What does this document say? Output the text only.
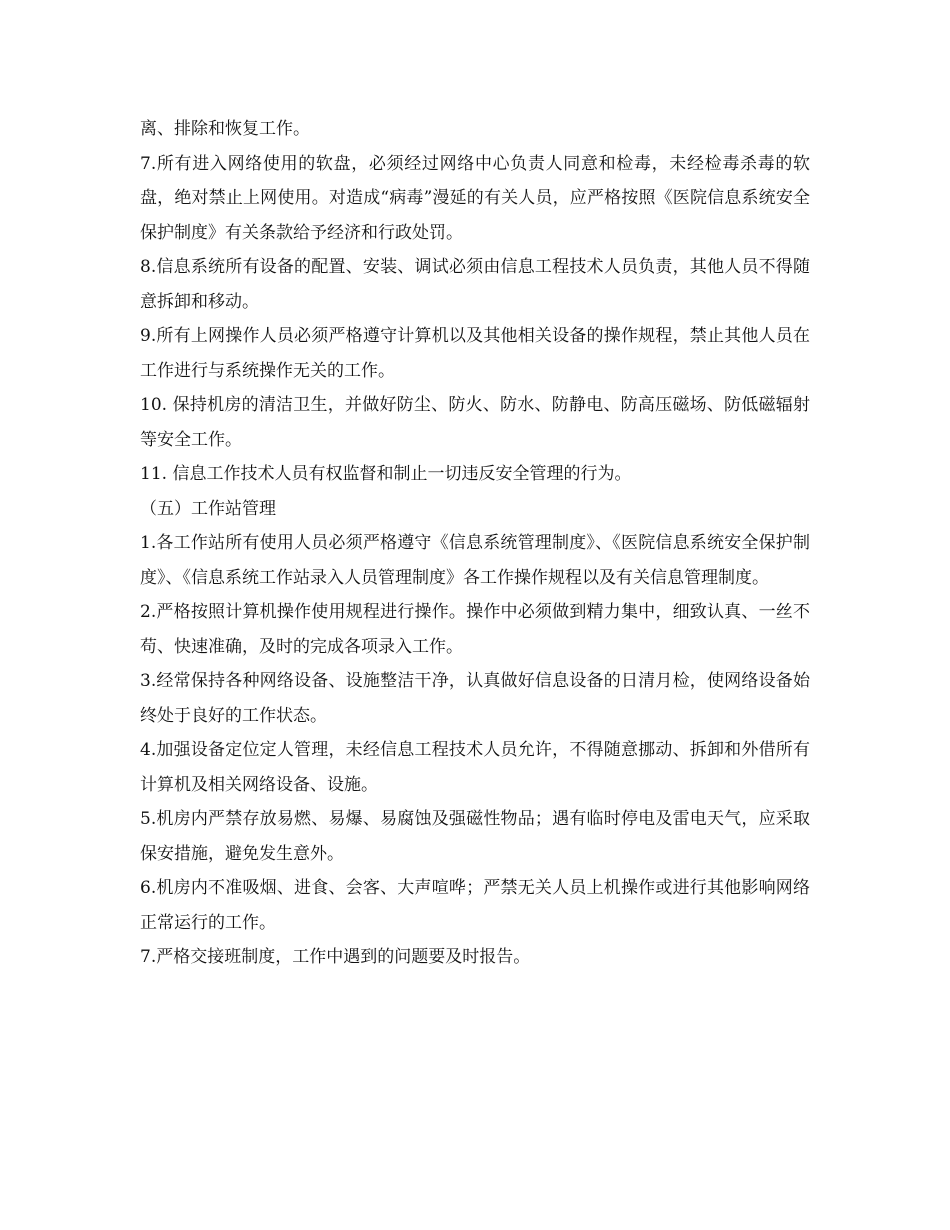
离、排除和恢复工作。

7.所有进入网络使用的软盘，必须经过网络中心负责人同意和检毒，未经检毒杀毒的软盘，绝对禁止上网使用。对造成“病毒”漫延的有关人员，应严格按照《医院信息系统安全保护制度》有关条款给予经济和行政处罚。

8.信息系统所有设备的配置、安装、调试必须由信息工程技术人员负责，其他人员不得随意拆卸和移动。

9.所有上网操作人员必须严格遵守计算机以及其他相关设备的操作规程，禁止其他人员在工作进行与系统操作无关的工作。

10. 保持机房的清洁卫生，并做好防尘、防火、防水、防静电、防高压磁场、防低磁辐射等安全工作。

11. 信息工作技术人员有权监督和制止一切违反安全管理的行为。

（五）工作站管理

1.各工作站所有使用人员必须严格遵守《信息系统管理制度》、《医院信息系统安全保护制度》、《信息系统工作站录入人员管理制度》各工作操作规程以及有关信息管理制度。

2.严格按照计算机操作使用规程进行操作。操作中必须做到精力集中，细致认真、一丝不苟、快速准确，及时的完成各项录入工作。

3.经常保持各种网络设备、设施整洁干净，认真做好信息设备的日清月检，使网络设备始终处于良好的工作状态。

4.加强设备定位定人管理，未经信息工程技术人员允许，不得随意挪动、拆卸和外借所有计算机及相关网络设备、设施。

5.机房内严禁存放易燃、易爆、易腐蚀及强磁性物品；遇有临时停电及雷电天气，应采取保安措施，避免发生意外。

6.机房内不准吸烟、进食、会客、大声喧哗；严禁无关人员上机操作或进行其他影响网络正常运行的工作。

7.严格交接班制度，工作中遇到的问题要及时报告。
